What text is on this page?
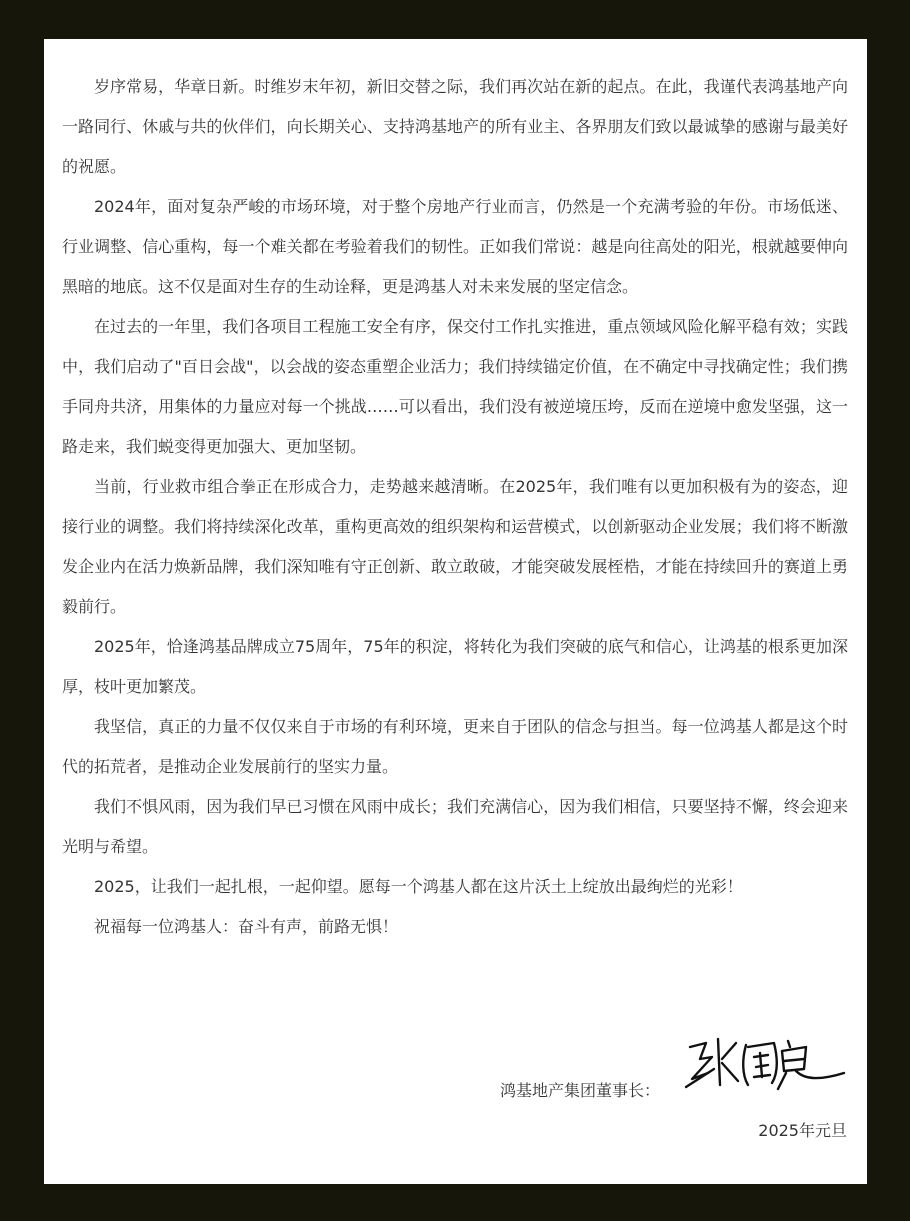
岁序常易，华章日新。时维岁末年初，新旧交替之际，我们再次站在新的起点。在此，我谨代表鸿基地产向一路同行、休戚与共的伙伴们，向长期关心、支持鸿基地产的所有业主、各界朋友们致以最诚挚的感谢与最美好的祝愿。

2024年，面对复杂严峻的市场环境，对于整个房地产行业而言，仍然是一个充满考验的年份。市场低迷、行业调整、信心重构，每一个难关都在考验着我们的韧性。正如我们常说：越是向往高处的阳光，根就越要伸向黑暗的地底。这不仅是面对生存的生动诠释，更是鸿基人对未来发展的坚定信念。

在过去的一年里，我们各项目工程施工安全有序，保交付工作扎实推进，重点领域风险化解平稳有效；实践中，我们启动了"百日会战"，以会战的姿态重塑企业活力；我们持续锚定价值，在不确定中寻找确定性；我们携手同舟共济，用集体的力量应对每一个挑战……可以看出，我们没有被逆境压垮，反而在逆境中愈发坚强，这一路走来，我们蜕变得更加强大、更加坚韧。

当前，行业救市组合拳正在形成合力，走势越来越清晰。在2025年，我们唯有以更加积极有为的姿态，迎接行业的调整。我们将持续深化改革，重构更高效的组织架构和运营模式，以创新驱动企业发展；我们将不断激发企业内在活力焕新品牌，我们深知唯有守正创新、敢立敢破，才能突破发展桎梏，才能在持续回升的赛道上勇毅前行。

2025年，恰逢鸿基品牌成立75周年，75年的积淀，将转化为我们突破的底气和信心，让鸿基的根系更加深厚，枝叶更加繁茂。

我坚信，真正的力量不仅仅来自于市场的有利环境，更来自于团队的信念与担当。每一位鸿基人都是这个时代的拓荒者，是推动企业发展前行的坚实力量。

我们不惧风雨，因为我们早已习惯在风雨中成长；我们充满信心，因为我们相信，只要坚持不懈，终会迎来光明与希望。

2025，让我们一起扎根，一起仰望。愿每一个鸿基人都在这片沃土上绽放出最绚烂的光彩！

祝福每一位鸿基人：奋斗有声，前路无惧！

鸿基地产集团董事长：
2025年元旦
